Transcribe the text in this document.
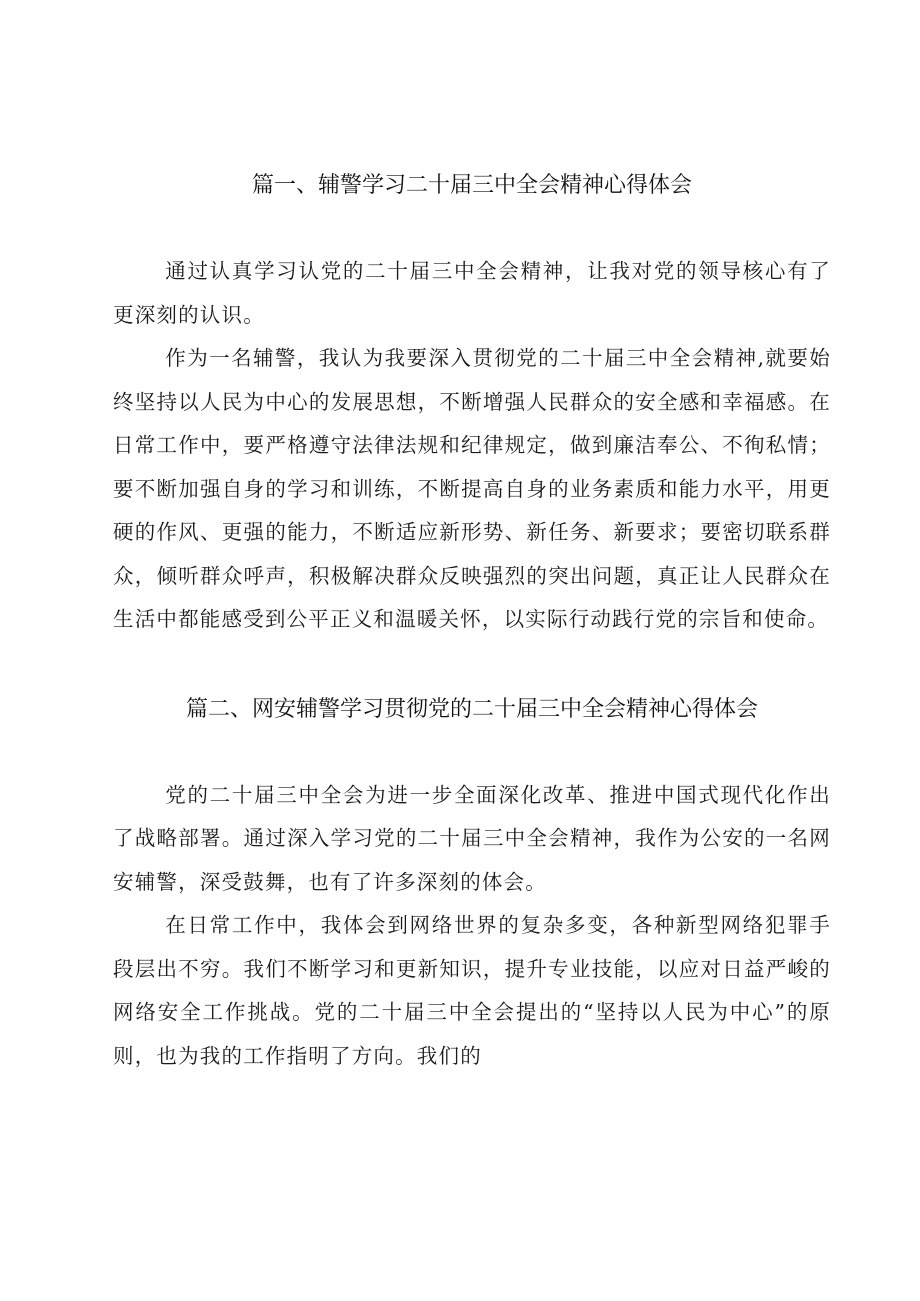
篇一、辅警学习二十届三中全会精神心得体会

通过认真学习认党的二十届三中全会精神，让我对党的领导核心有了更深刻的认识。

作为一名辅警，我认为我要深入贯彻党的二十届三中全会精神,就要始终坚持以人民为中心的发展思想，不断增强人民群众的安全感和幸福感。在日常工作中，要严格遵守法律法规和纪律规定，做到廉洁奉公、不徇私情；要不断加强自身的学习和训练，不断提高自身的业务素质和能力水平，用更硬的作风、更强的能力，不断适应新形势、新任务、新要求；要密切联系群众，倾听群众呼声，积极解决群众反映强烈的突出问题，真正让人民群众在生活中都能感受到公平正义和温暖关怀，以实际行动践行党的宗旨和使命。

篇二、网安辅警学习贯彻党的二十届三中全会精神心得体会

党的二十届三中全会为进一步全面深化改革、推进中国式现代化作出了战略部署。通过深入学习党的二十届三中全会精神，我作为公安的一名网安辅警，深受鼓舞，也有了许多深刻的体会。

在日常工作中，我体会到网络世界的复杂多变，各种新型网络犯罪手段层出不穷。我们不断学习和更新知识，提升专业技能，以应对日益严峻的网络安全工作挑战。党的二十届三中全会提出的“坚持以人民为中心”的原则，也为我的工作指明了方向。我们的
